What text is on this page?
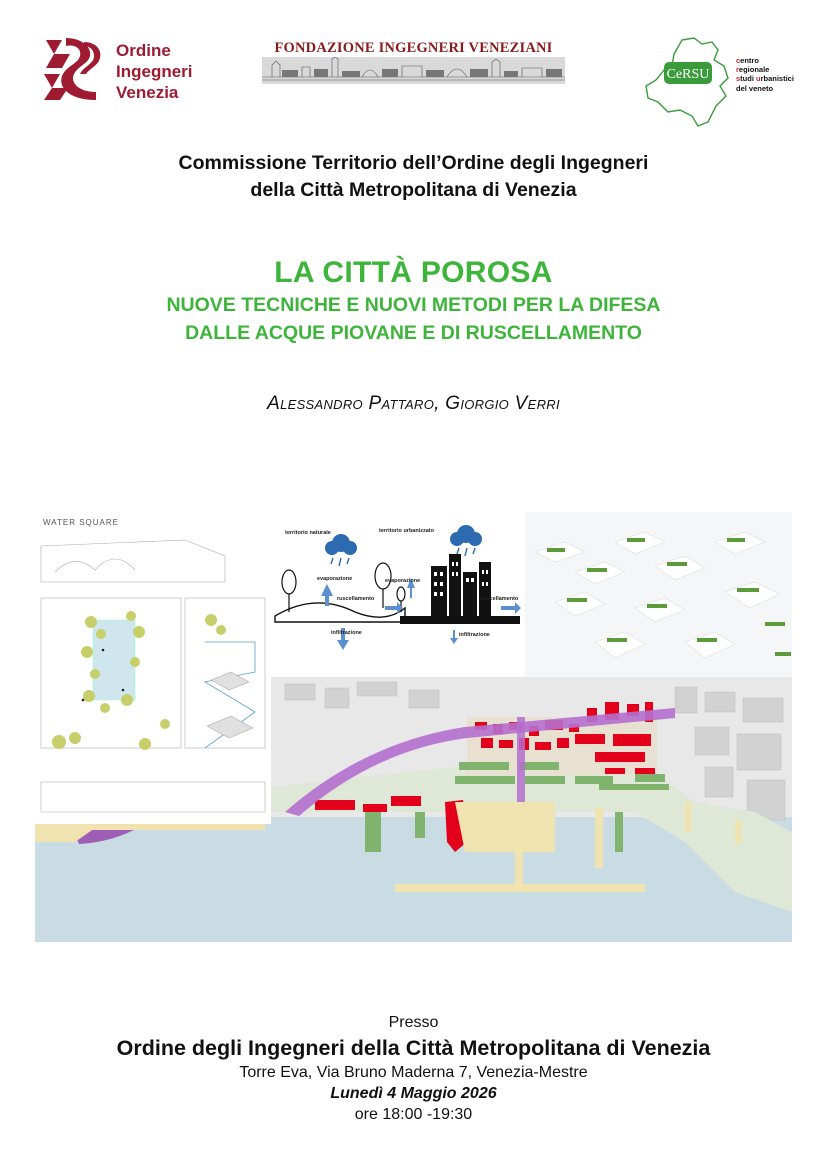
Ordine
Ingegneri
Venezia
FONDAZIONE INGEGNERI VENEZIANI
CeRSU
centro
regionale
studi urbanistici
del veneto
Commissione Territorio dell’Ordine degli Ingegneri
della Città Metropolitana di Venezia
LA CITTÀ POROSA
NUOVE TECNICHE E NUOVI METODI PER LA DIFESA
DALLE ACQUE PIOVANE E DI RUSCELLAMENTO
Alessandro Pattaro, Giorgio Verri
WATER SQUARE
territorio naturale	territorio urbanizzato
evaporazione	evaporazione
ruscellamento	ruscellamento
infiltrazione	infiltrazione
Presso
Ordine degli Ingegneri della Città Metropolitana di Venezia
Torre Eva, Via Bruno Maderna 7, Venezia-Mestre
Lunedì 4 Maggio 2026
ore 18:00 -19:30
